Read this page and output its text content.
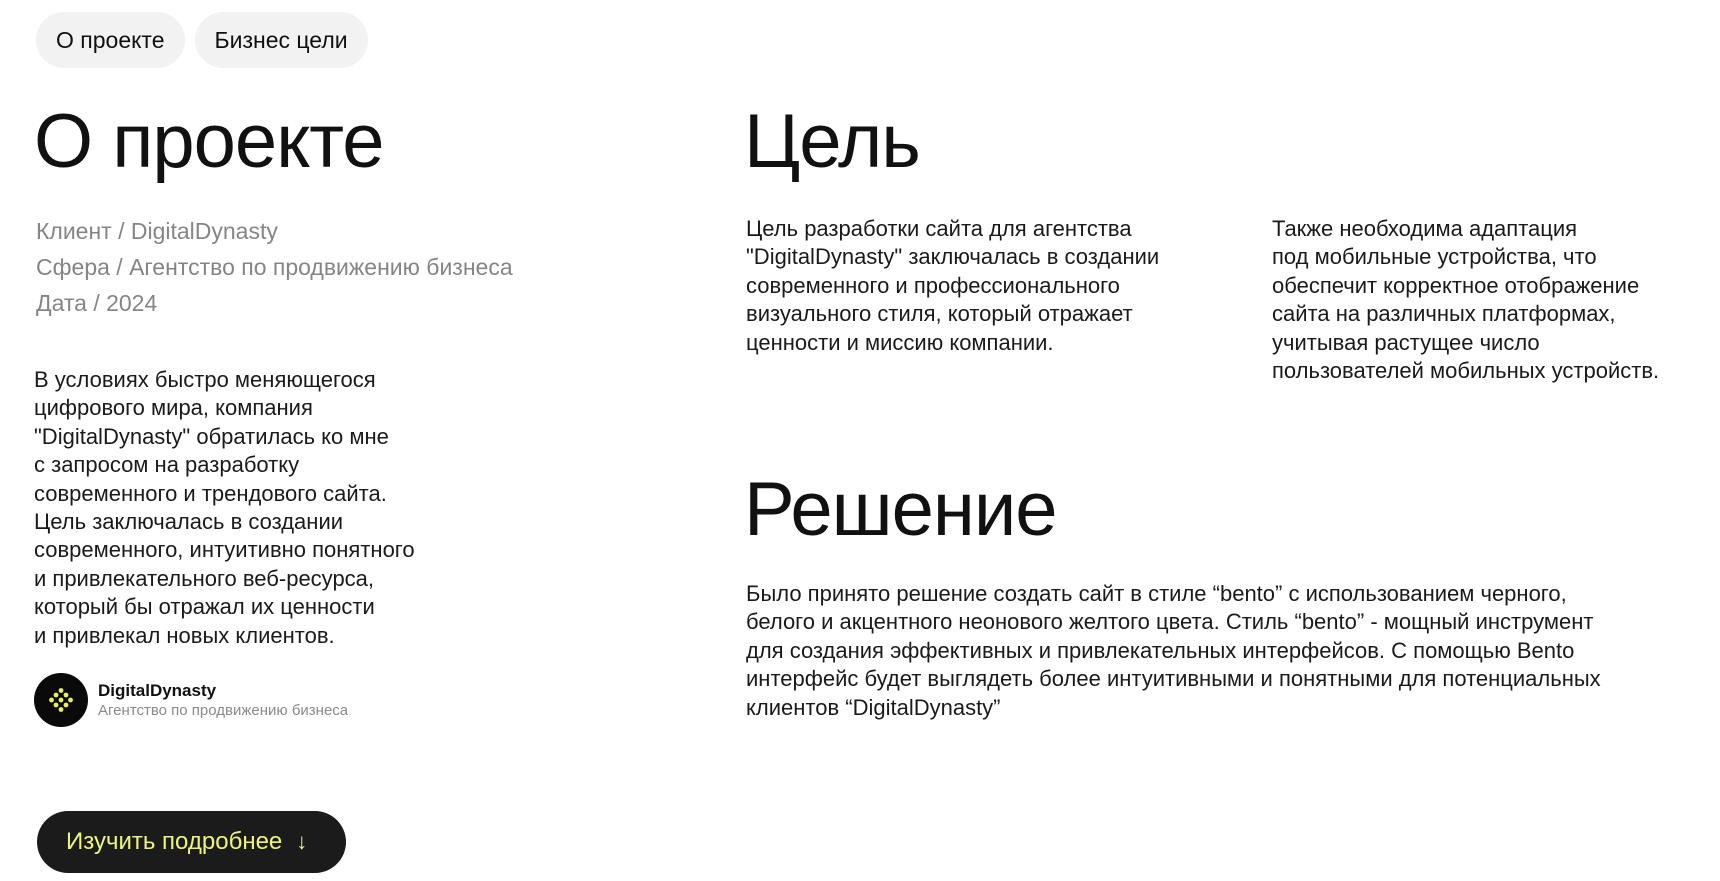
О проекте	Бизнес цели
О проекте
Клиент / DigitalDynasty
Сфера / Агентство по продвижению бизнеса
Дата / 2024
В условиях быстро меняющегося
цифрового мира, компания
"DigitalDynasty" обратилась ко мне
с запросом на разработку
современного и трендового сайта.
Цель заключалась в создании
современного, интуитивно понятного
и привлекательного веб-ресурса,
который бы отражал их ценности
и привлекал новых клиентов.
DigitalDynasty
Агентство по продвижению бизнеса
Изучить подробнее ↓
Цель
Цель разработки сайта для агентства
"DigitalDynasty" заключалась в создании
современного и профессионального
визуального стиля, который отражает
ценности и миссию компании.
Также необходима адаптация
под мобильные устройства, что
обеспечит корректное отображение
сайта на различных платформах,
учитывая растущее число
пользователей мобильных устройств.
Решение
Было принято решение создать сайт в стиле “bento” с использованием черного,
белого и акцентного неонового желтого цвета. Стиль “bento” - мощный инструмент
для создания эффективных и привлекательных интерфейсов. С помощью Bento
интерфейс будет выглядеть более интуитивными и понятными для потенциальных
клиентов “DigitalDynasty”
